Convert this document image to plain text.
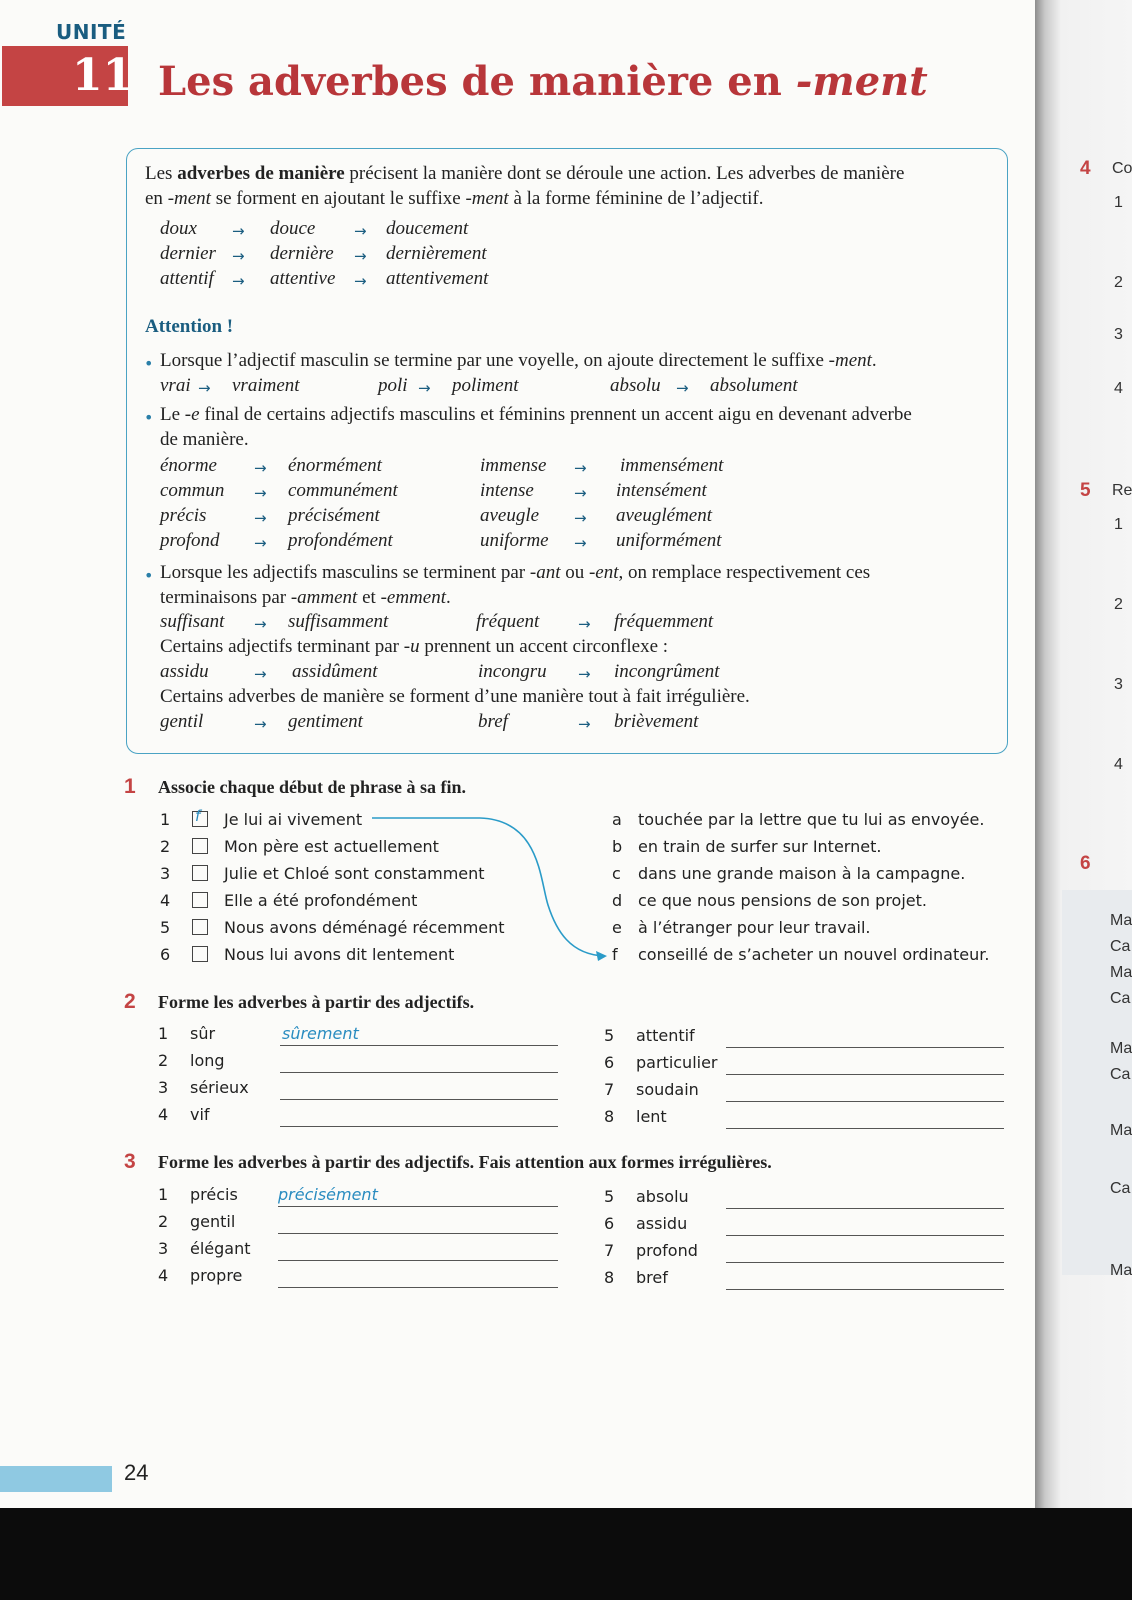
UNITÉ
11 Les adverbes de manière en -ment
Les adverbes de manière précisent la manière dont se déroule une action. Les adverbes de manière
en -ment se forment en ajoutant le suffixe -ment à la forme féminine de l’adjectif.
doux → douce	→ doucement
dernier → dernière → dernièrement
attentif → attentive → attentivement
Attention !
• Lorsque l’adjectif masculin se termine par une voyelle, on ajoute directement le suffixe -ment.
vrai → vraiment	poli → poliment	absolu → absolument
• Le -e final de certains adjectifs masculins et féminins prennent un accent aigu en devenant adverbe
de manière.
énorme → énormément	immense → immensément
commun → communément	intense	→ intensément
précis	→ précisément	aveugle → aveuglément
profond → profondément	uniforme → uniformément
• Lorsque les adjectifs masculins se terminent par -ant ou -ent, on remplace respectivement ces
terminaisons par -amment et -emment.
suffisant → suffisamment	fréquent	→ fréquemment
Certains adjectifs terminant par -u prennent un accent circonflexe :
assidu	→ assidûment	incongru → incongrûment
Certains adverbes de manière se forment d’une manière tout à fait irrégulière.
gentil	→ gentiment	bref	→ brièvement
1 Associe chaque début de phrase à sa fin.
1 f Je lui ai vivement
2	Mon père est actuellement
3	Julie et Chloé sont constamment
4	Elle a été profondément
5	Nous avons déménagé récemment
6	Nous lui avons dit lentement
a touchée par la lettre que tu lui as envoyée.
b en train de surfer sur Internet.
c dans une grande maison à la campagne.
d ce que nous pensions de son projet.
e à l’étranger pour leur travail.
f conseillé de s’acheter un nouvel ordinateur.
2 Forme les adverbes à partir des adjectifs.
1 sûr	sûrement
2 long
3 sérieux
4 vif
5 attentif
6 particulier
7 soudain
8 lent
3 Forme les adverbes à partir des adjectifs. Fais attention aux formes irrégulières.
1 précis	précisément
2 gentil
3 élégant
4 propre
5 absolu
6 assidu
7 profond
8 bref
24
4 Co
1
2
3
4
5 Re
1
2
3
4
6
Ma
Ca
Ma
Ca
Ma
Ca
Ma
Ca
Ma
